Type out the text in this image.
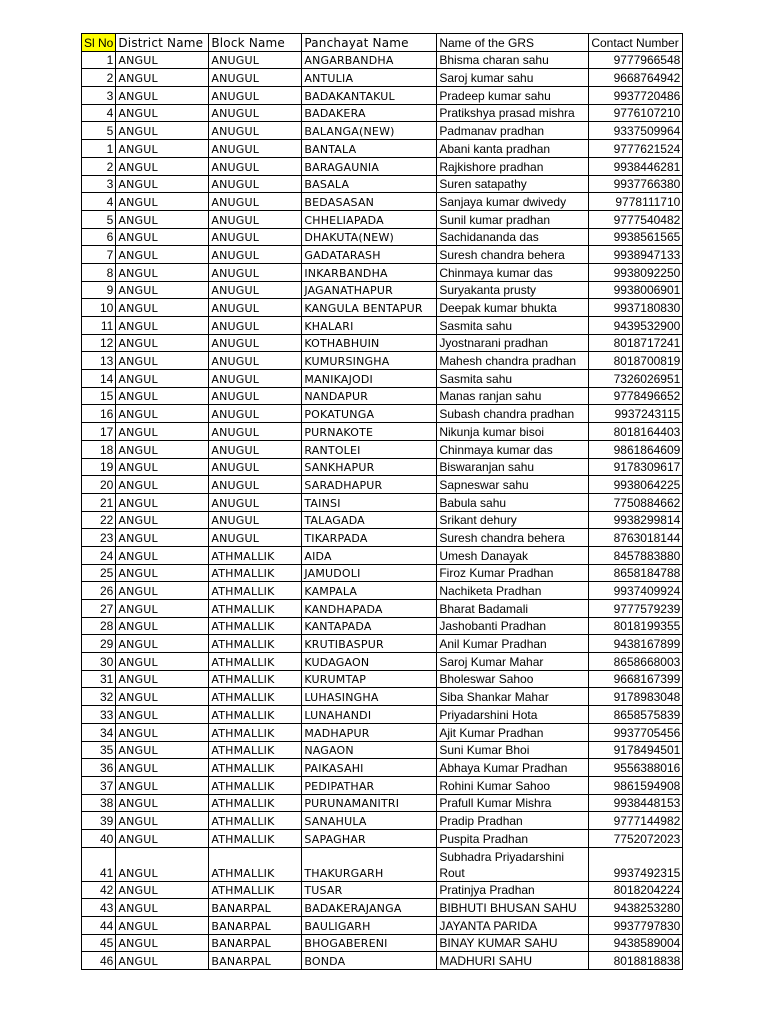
Sl No	District Name	Block Name	Panchayat Name	Name of the GRS	Contact Number
1	ANGUL	ANUGUL	ANGARBANDHA	Bhisma charan sahu	9777966548
2	ANGUL	ANUGUL	ANTULIA	Saroj kumar sahu	9668764942
3	ANGUL	ANUGUL	BADAKANTAKUL	Pradeep kumar sahu	9937720486
4	ANGUL	ANUGUL	BADAKERA	Pratikshya prasad mishra	9776107210
5	ANGUL	ANUGUL	BALANGA(NEW)	Padmanav pradhan	9337509964
1	ANGUL	ANUGUL	BANTALA	Abani kanta pradhan	9777621524
2	ANGUL	ANUGUL	BARAGAUNIA	Rajkishore pradhan	9938446281
3	ANGUL	ANUGUL	BASALA	Suren satapathy	9937766380
4	ANGUL	ANUGUL	BEDASASAN	Sanjaya kumar dwivedy	9778111710
5	ANGUL	ANUGUL	CHHELIAPADA	Sunil kumar pradhan	9777540482
6	ANGUL	ANUGUL	DHAKUTA(NEW)	Sachidananda das	9938561565
7	ANGUL	ANUGUL	GADATARASH	Suresh chandra behera	9938947133
8	ANGUL	ANUGUL	INKARBANDHA	Chinmaya kumar das	9938092250
9	ANGUL	ANUGUL	JAGANATHAPUR	Suryakanta prusty	9938006901
10	ANGUL	ANUGUL	KANGULA BENTAPUR	Deepak kumar bhukta	9937180830
11	ANGUL	ANUGUL	KHALARI	Sasmita sahu	9439532900
12	ANGUL	ANUGUL	KOTHABHUIN	Jyostnarani pradhan	8018717241
13	ANGUL	ANUGUL	KUMURSINGHA	Mahesh chandra pradhan	8018700819
14	ANGUL	ANUGUL	MANIKAJODI	Sasmita sahu	7326026951
15	ANGUL	ANUGUL	NANDAPUR	Manas ranjan sahu	9778496652
16	ANGUL	ANUGUL	POKATUNGA	Subash chandra pradhan	9937243115
17	ANGUL	ANUGUL	PURNAKOTE	Nikunja kumar bisoi	8018164403
18	ANGUL	ANUGUL	RANTOLEI	Chinmaya kumar das	9861864609
19	ANGUL	ANUGUL	SANKHAPUR	Biswaranjan sahu	9178309617
20	ANGUL	ANUGUL	SARADHAPUR	Sapneswar sahu	9938064225
21	ANGUL	ANUGUL	TAINSI	Babula sahu	7750884662
22	ANGUL	ANUGUL	TALAGADA	Srikant dehury	9938299814
23	ANGUL	ANUGUL	TIKARPADA	Suresh chandra behera	8763018144
24	ANGUL	ATHMALLIK	AIDA	Umesh Danayak	8457883880
25	ANGUL	ATHMALLIK	JAMUDOLI	Firoz Kumar Pradhan	8658184788
26	ANGUL	ATHMALLIK	KAMPALA	Nachiketa Pradhan	9937409924
27	ANGUL	ATHMALLIK	KANDHAPADA	Bharat Badamali	9777579239
28	ANGUL	ATHMALLIK	KANTAPADA	Jashobanti Pradhan	8018199355
29	ANGUL	ATHMALLIK	KRUTIBASPUR	Anil Kumar Pradhan	9438167899
30	ANGUL	ATHMALLIK	KUDAGAON	Saroj Kumar Mahar	8658668003
31	ANGUL	ATHMALLIK	KURUMTAP	Bholeswar Sahoo	9668167399
32	ANGUL	ATHMALLIK	LUHASINGHA	Siba Shankar Mahar	9178983048
33	ANGUL	ATHMALLIK	LUNAHANDI	Priyadarshini Hota	8658575839
34	ANGUL	ATHMALLIK	MADHAPUR	Ajit Kumar Pradhan	9937705456
35	ANGUL	ATHMALLIK	NAGAON	Suni Kumar Bhoi	9178494501
36	ANGUL	ATHMALLIK	PAIKASAHI	Abhaya Kumar Pradhan	9556388016
37	ANGUL	ATHMALLIK	PEDIPATHAR	Rohini Kumar Sahoo	9861594908
38	ANGUL	ATHMALLIK	PURUNAMANITRI	Prafull Kumar Mishra	9938448153
39	ANGUL	ATHMALLIK	SANAHULA	Pradip Pradhan	9777144982
40	ANGUL	ATHMALLIK	SAPAGHAR	Puspita Pradhan	7752072023
41	ANGUL	ATHMALLIK	THAKURGARH	Subhadra Priyadarshini Rout	9937492315
42	ANGUL	ATHMALLIK	TUSAR	Pratinjya Pradhan	8018204224
43	ANGUL	BANARPAL	BADAKERAJANGA	BIBHUTI BHUSAN SAHU	9438253280
44	ANGUL	BANARPAL	BAULIGARH	JAYANTA PARIDA	9937797830
45	ANGUL	BANARPAL	BHOGABERENI	BINAY KUMAR SAHU	9438589004
46	ANGUL	BANARPAL	BONDA	MADHURI SAHU	8018818838
